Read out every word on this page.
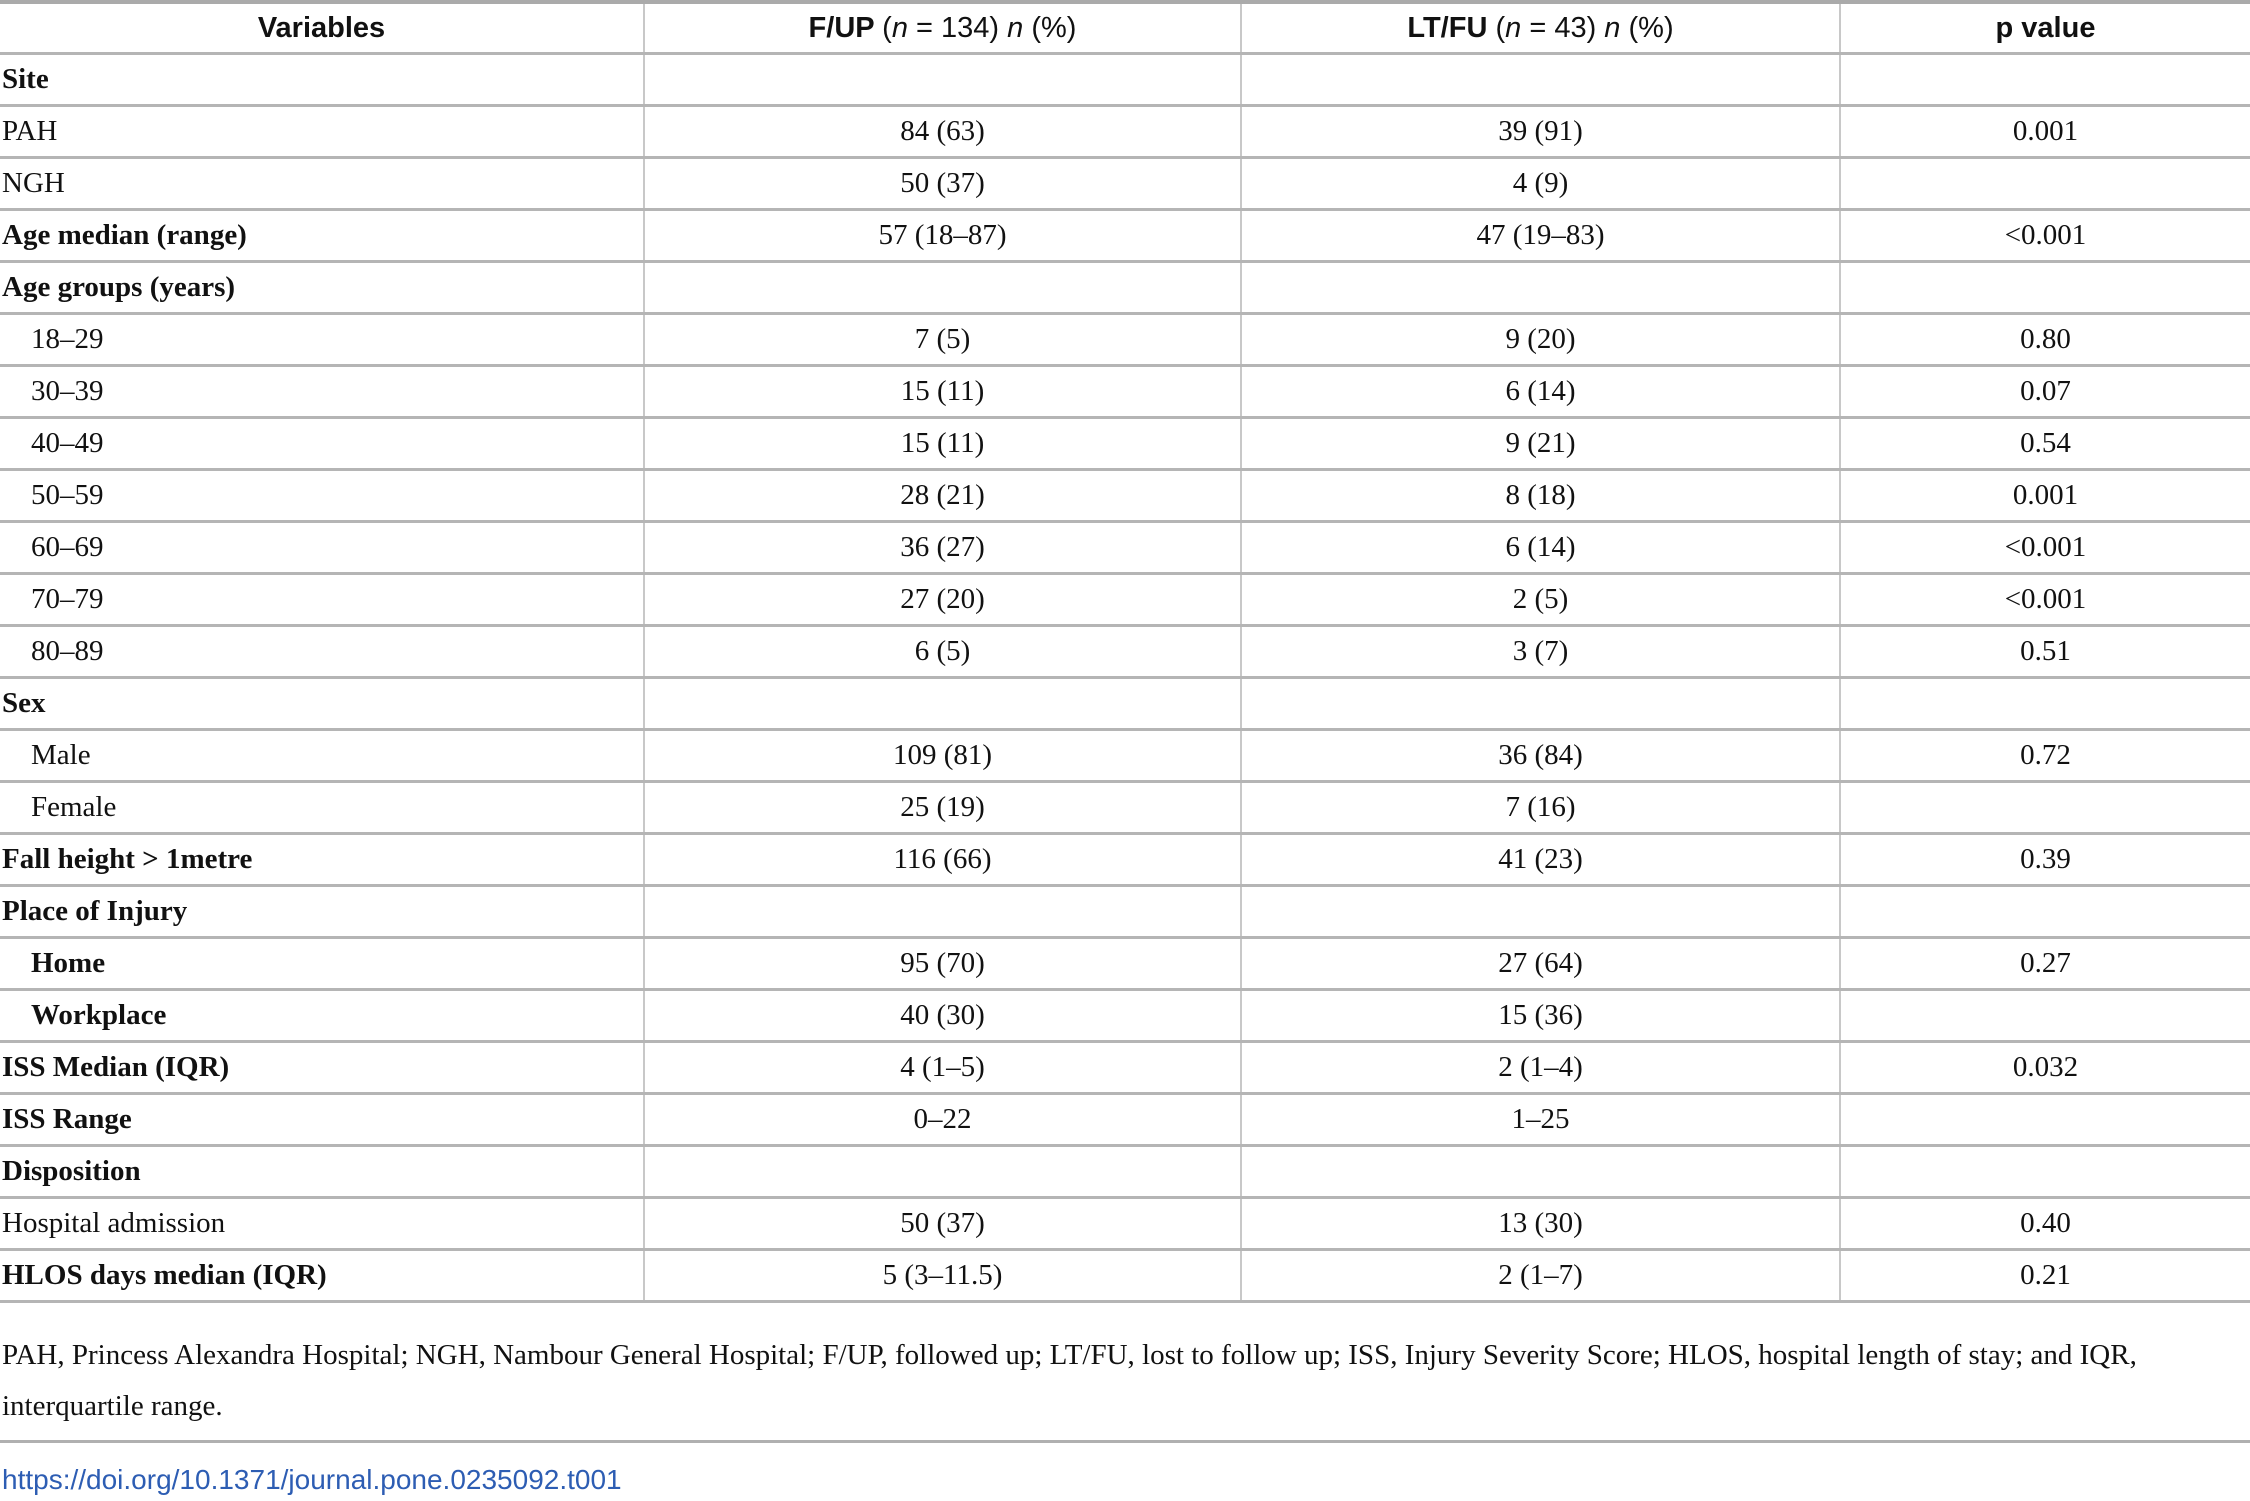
Variables	F/UP (n = 134) n (%)	LT/FU (n = 43) n (%)	p value
Site			
PAH	84 (63)	39 (91)	0.001
NGH	50 (37)	4 (9)	
Age median (range)	57 (18–87)	47 (19–83)	<0.001
Age groups (years)			
18–29	7 (5)	9 (20)	0.80
30–39	15 (11)	6 (14)	0.07
40–49	15 (11)	9 (21)	0.54
50–59	28 (21)	8 (18)	0.001
60–69	36 (27)	6 (14)	<0.001
70–79	27 (20)	2 (5)	<0.001
80–89	6 (5)	3 (7)	0.51
Sex			
Male	109 (81)	36 (84)	0.72
Female	25 (19)	7 (16)	
Fall height > 1metre	116 (66)	41 (23)	0.39
Place of Injury			
Home	95 (70)	27 (64)	0.27
Workplace	40 (30)	15 (36)	
ISS Median (IQR)	4 (1–5)	2 (1–4)	0.032
ISS Range	0–22	1–25	
Disposition			
Hospital admission	50 (37)	13 (30)	0.40
HLOS days median (IQR)	5 (3–11.5)	2 (1–7)	0.21
PAH, Princess Alexandra Hospital; NGH, Nambour General Hospital; F/UP, followed up; LT/FU, lost to follow up; ISS, Injury Severity Score; HLOS, hospital length of stay; and IQR, interquartile range.
https://doi.org/10.1371/journal.pone.0235092.t001
